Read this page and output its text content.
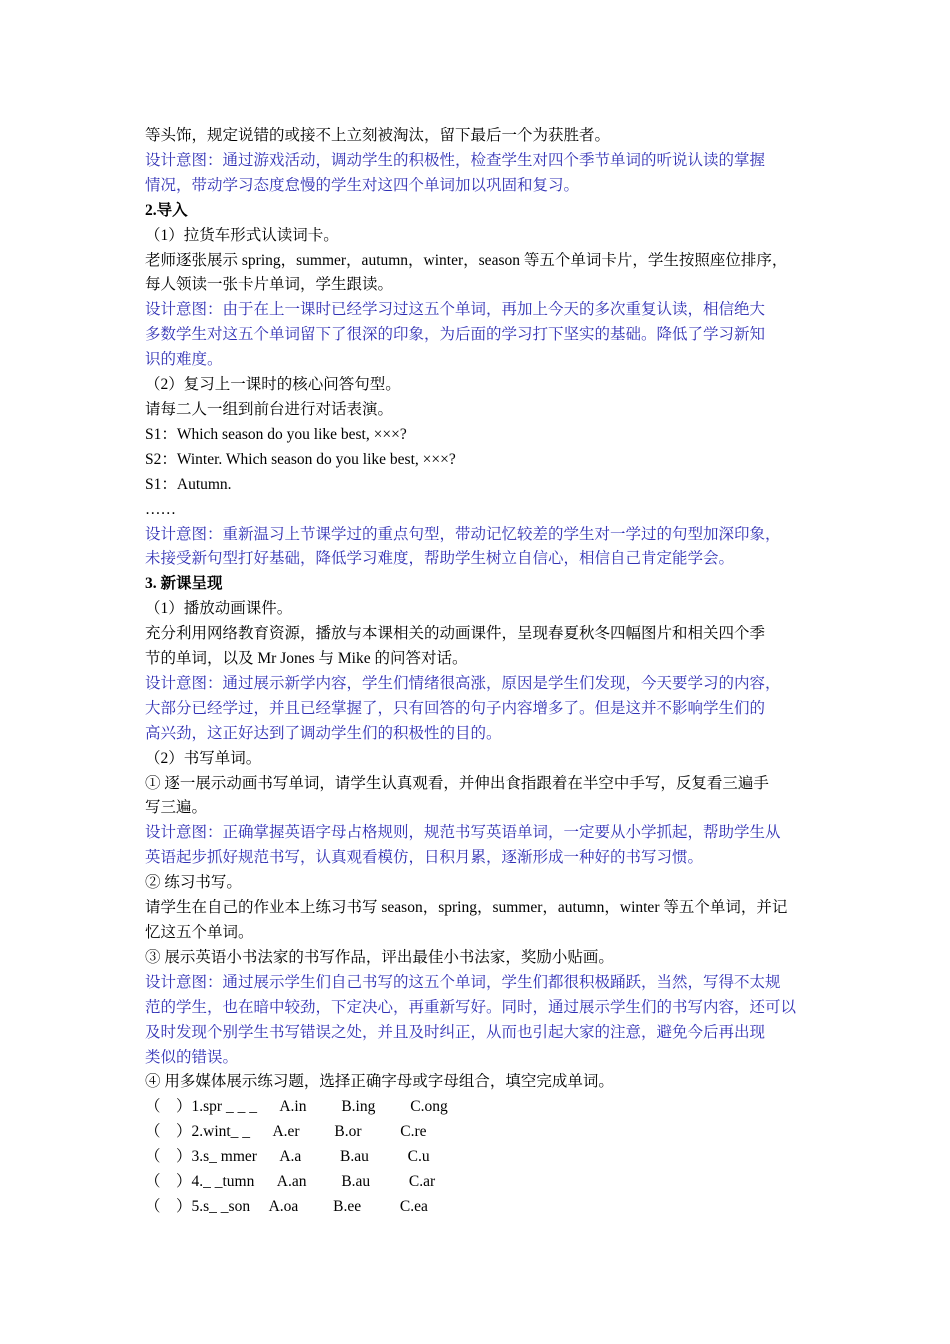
等头饰，规定说错的或接不上立刻被淘汰，留下最后一个为获胜者。

设计意图：通过游戏活动，调动学生的积极性，检查学生对四个季节单词的听说认读的掌握

情况，带动学习态度怠慢的学生对这四个单词加以巩固和复习。

2.导入

（1）拉货车形式认读词卡。

老师逐张展示 spring，summer，autumn，winter，season 等五个单词卡片，学生按照座位排序，

每人领读一张卡片单词，学生跟读。

设计意图：由于在上一课时已经学习过这五个单词，再加上今天的多次重复认读，相信绝大

多数学生对这五个单词留下了很深的印象，为后面的学习打下坚实的基础。降低了学习新知

识的难度。

（2）复习上一课时的核心问答句型。

请每二人一组到前台进行对话表演。

S1：Which season do you like best, ×××?

S2：Winter. Which season do you like best, ×××?

S1：Autumn.

……

设计意图：重新温习上节课学过的重点句型，带动记忆较差的学生对一学过的句型加深印象，

未接受新句型打好基础，降低学习难度，帮助学生树立自信心，相信自己肯定能学会。

3. 新课呈现

（1）播放动画课件。

充分利用网络教育资源，播放与本课相关的动画课件，呈现春夏秋冬四幅图片和相关四个季

节的单词，以及 Mr Jones 与 Mike 的问答对话。

设计意图：通过展示新学内容，学生们情绪很高涨，原因是学生们发现，今天要学习的内容，

大部分已经学过，并且已经掌握了，只有回答的句子内容增多了。但是这并不影响学生们的

高兴劲，这正好达到了调动学生们的积极性的目的。

（2）书写单词。

① 逐一展示动画书写单词，请学生认真观看，并伸出食指跟着在半空中手写，反复看三遍手

写三遍。

设计意图：正确掌握英语字母占格规则，规范书写英语单词，一定要从小学抓起，帮助学生从

英语起步抓好规范书写，认真观看模仿，日积月累，逐渐形成一种好的书写习惯。

② 练习书写。

请学生在自己的作业本上练习书写 season，spring，summer，autumn，winter 等五个单词，并记

忆这五个单词。

③ 展示英语小书法家的书写作品，评出最佳小书法家，奖励小贴画。

设计意图：通过展示学生们自己书写的这五个单词，学生们都很积极踊跃，当然，写得不太规

范的学生，也在暗中较劲，下定决心，再重新写好。同时，通过展示学生们的书写内容，还可以

及时发现个别学生书写错误之处，并且及时纠正，从而也引起大家的注意，避免今后再出现

类似的错误。

④ 用多媒体展示练习题，选择正确字母或字母组合，填空完成单词。

（    ）1.spr _ _ _      A.in         B.ing         C.ong

（    ）2.wint_ _      A.er         B.or          C.re

（    ）3.s_ mmer      A.a          B.au          C.u

（    ）4._ _tumn      A.an         B.au          C.ar

（    ）5.s_ _son     A.oa         B.ee          C.ea
